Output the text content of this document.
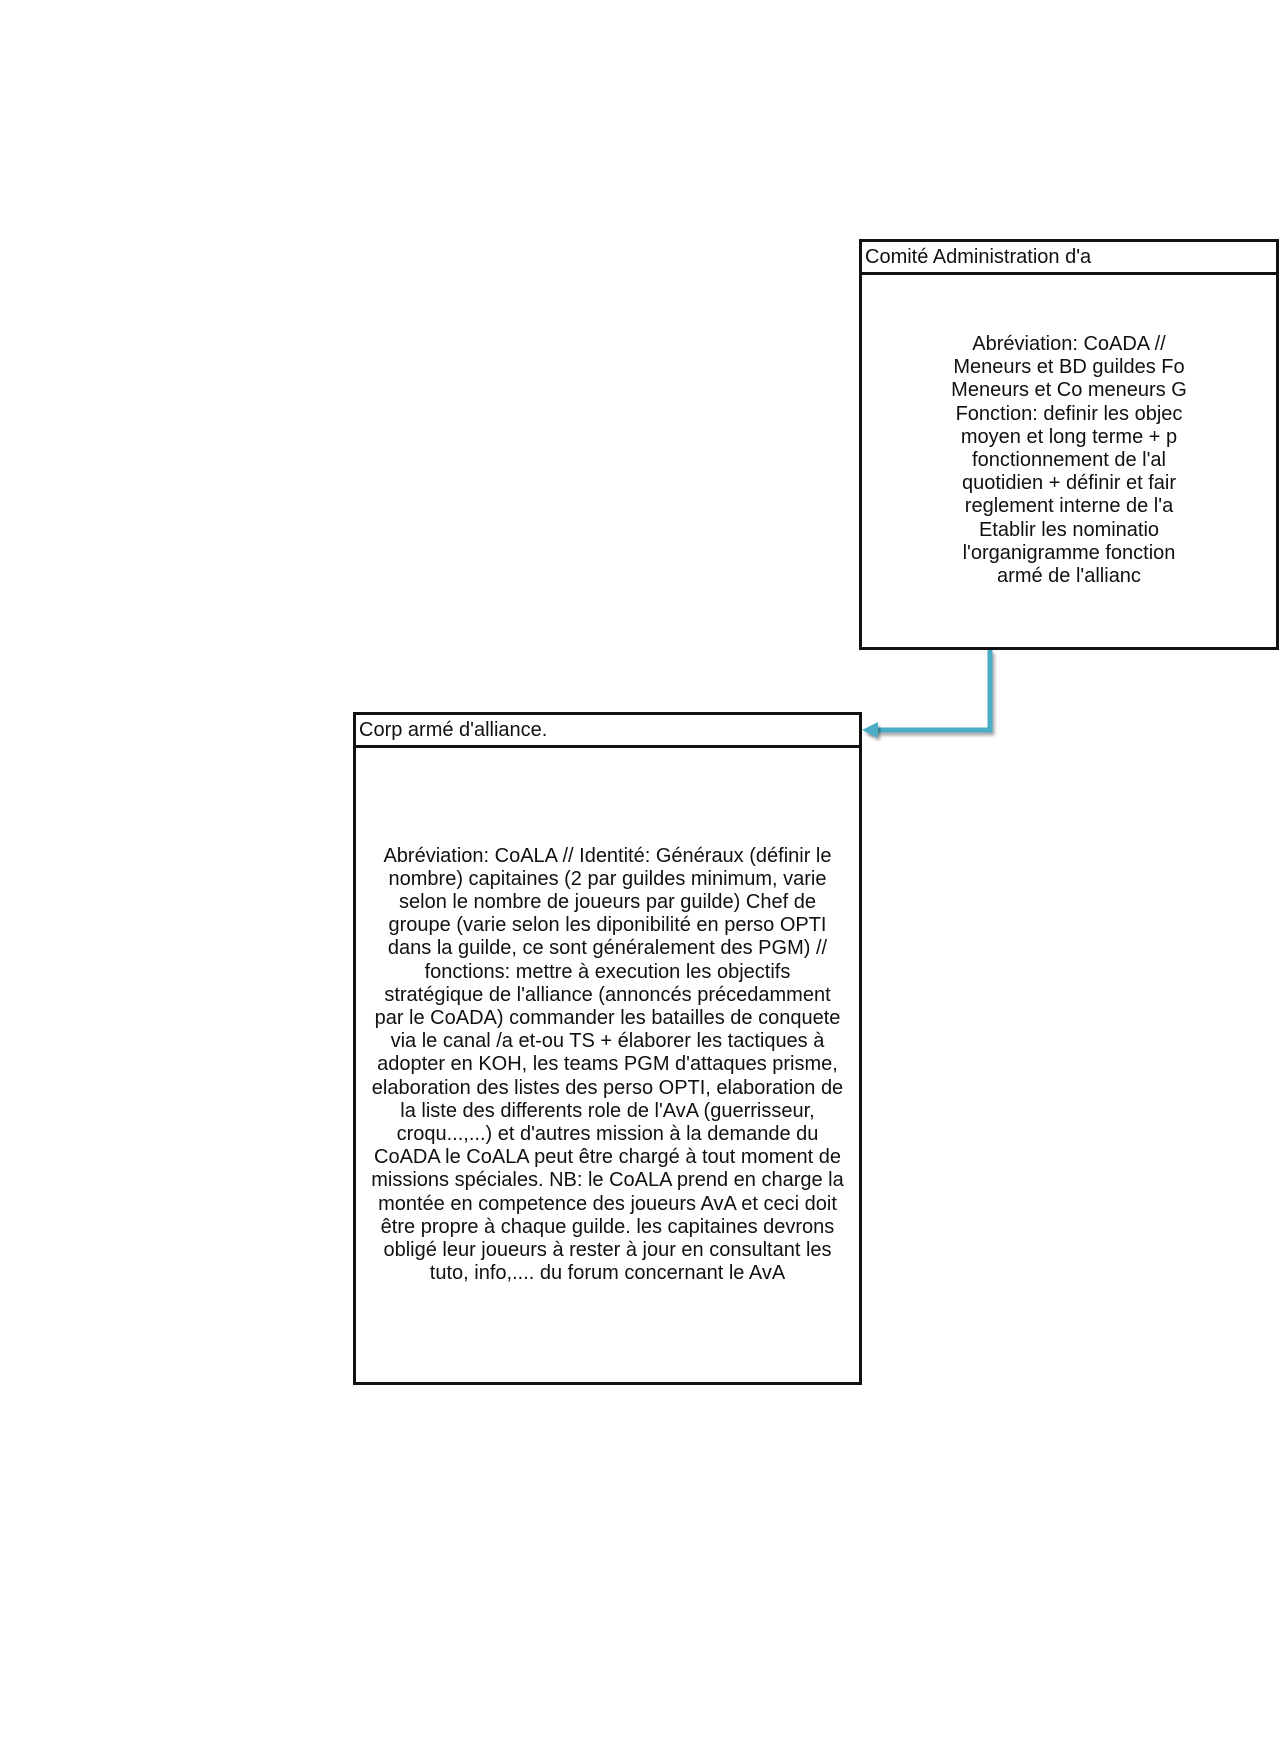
Comité Administration d'a
Abréviation: CoADA //
Meneurs et BD guildes Fo
Meneurs et Co meneurs G
Fonction: definir les objec
moyen et long terme + p
fonctionnement de l'al
quotidien + définir et fair
reglement interne de l'a
Etablir les nominatio
l'organigramme fonction
armé de l'allianc
Corp armé d'alliance.
Abréviation: CoALA // Identité: Généraux (définir le
nombre) capitaines (2 par guildes minimum, varie
selon le nombre de joueurs par guilde) Chef de
groupe (varie selon les diponibilité en perso OPTI
dans la guilde, ce sont généralement des PGM) //
fonctions: mettre à execution les objectifs
stratégique de l'alliance (annoncés précedamment
par le CoADA) commander les batailles de conquete
via le canal /a et-ou TS + élaborer les tactiques à
adopter en KOH, les teams PGM d'attaques prisme,
elaboration des listes des perso OPTI, elaboration de
la liste des differents role de l'AvA (guerrisseur,
croqu...,...) et d'autres mission à la demande du
CoADA le CoALA peut être chargé à tout moment de
missions spéciales. NB: le CoALA prend en charge la
montée en competence des joueurs AvA et ceci doit
être propre à chaque guilde. les capitaines devrons
obligé leur joueurs à rester à jour en consultant les
tuto, info,.... du forum concernant le AvA
